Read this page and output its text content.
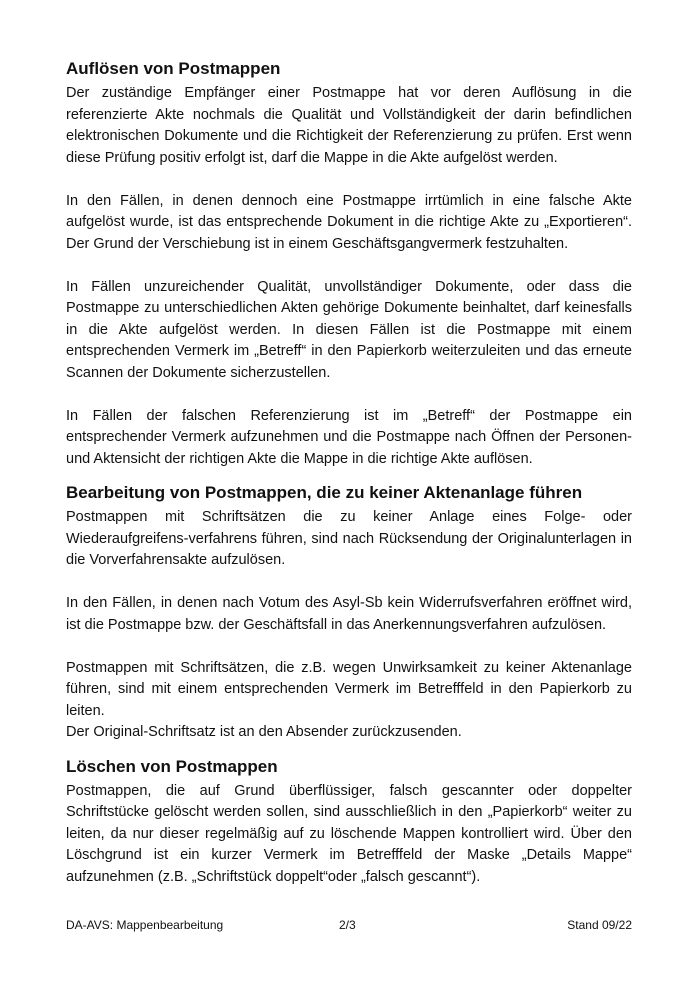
Auflösen von Postmappen

Der zuständige Empfänger einer Postmappe hat vor deren Auflösung in die referenzierte Akte nochmals die Qualität und Vollständigkeit der darin befindlichen elektronischen Dokumente und die Richtigkeit der Referenzierung zu prüfen. Erst wenn diese Prüfung positiv erfolgt ist, darf die Mappe in die Akte aufgelöst werden.

In den Fällen, in denen dennoch eine Postmappe irrtümlich in eine falsche Akte aufgelöst wurde, ist das entsprechende Dokument in die richtige Akte zu „Exportieren“. Der Grund der Verschiebung ist in einem Geschäftsgangvermerk festzuhalten.

In Fällen unzureichender Qualität, unvollständiger Dokumente, oder dass die Postmappe zu unterschiedlichen Akten gehörige Dokumente beinhaltet, darf keinesfalls in die Akte aufgelöst werden. In diesen Fällen ist die Postmappe mit einem entsprechenden Vermerk im „Betreff“ in den Papierkorb weiterzuleiten und das erneute Scannen der Dokumente sicherzustellen.

In Fällen der falschen Referenzierung ist im „Betreff“ der Postmappe ein entsprechender Vermerk aufzunehmen und die Postmappe nach Öffnen der Personen- und Aktensicht der richtigen Akte die Mappe in die richtige Akte auflösen.

Bearbeitung von Postmappen, die zu keiner Aktenanlage führen

Postmappen mit Schriftsätzen die zu keiner Anlage eines Folge- oder Wiederaufgreifens-verfahrens führen, sind nach Rücksendung der Originalunterlagen in die Vorverfahrensakte aufzulösen.

In den Fällen, in denen nach Votum des Asyl-Sb kein Widerrufsverfahren eröffnet wird, ist die Postmappe bzw. der Geschäftsfall in das Anerkennungsverfahren aufzulösen.

Postmappen mit Schriftsätzen, die z.B. wegen Unwirksamkeit zu keiner Aktenanlage führen, sind mit einem entsprechenden Vermerk im Betrefffeld in den Papierkorb zu leiten.

Der Original-Schriftsatz ist an den Absender zurückzusenden.

Löschen von Postmappen

Postmappen, die auf Grund überflüssiger, falsch gescannter oder doppelter Schriftstücke gelöscht werden sollen, sind ausschließlich in den „Papierkorb“ weiter zu leiten, da nur dieser regelmäßig auf zu löschende Mappen kontrolliert wird. Über den Löschgrund ist ein kurzer Vermerk im Betrefffeld der Maske „Details Mappe“ aufzunehmen (z.B. „Schriftstück doppelt“oder „falsch gescannt“).

DA-AVS: Mappenbearbeitung	2/3	Stand 09/22
